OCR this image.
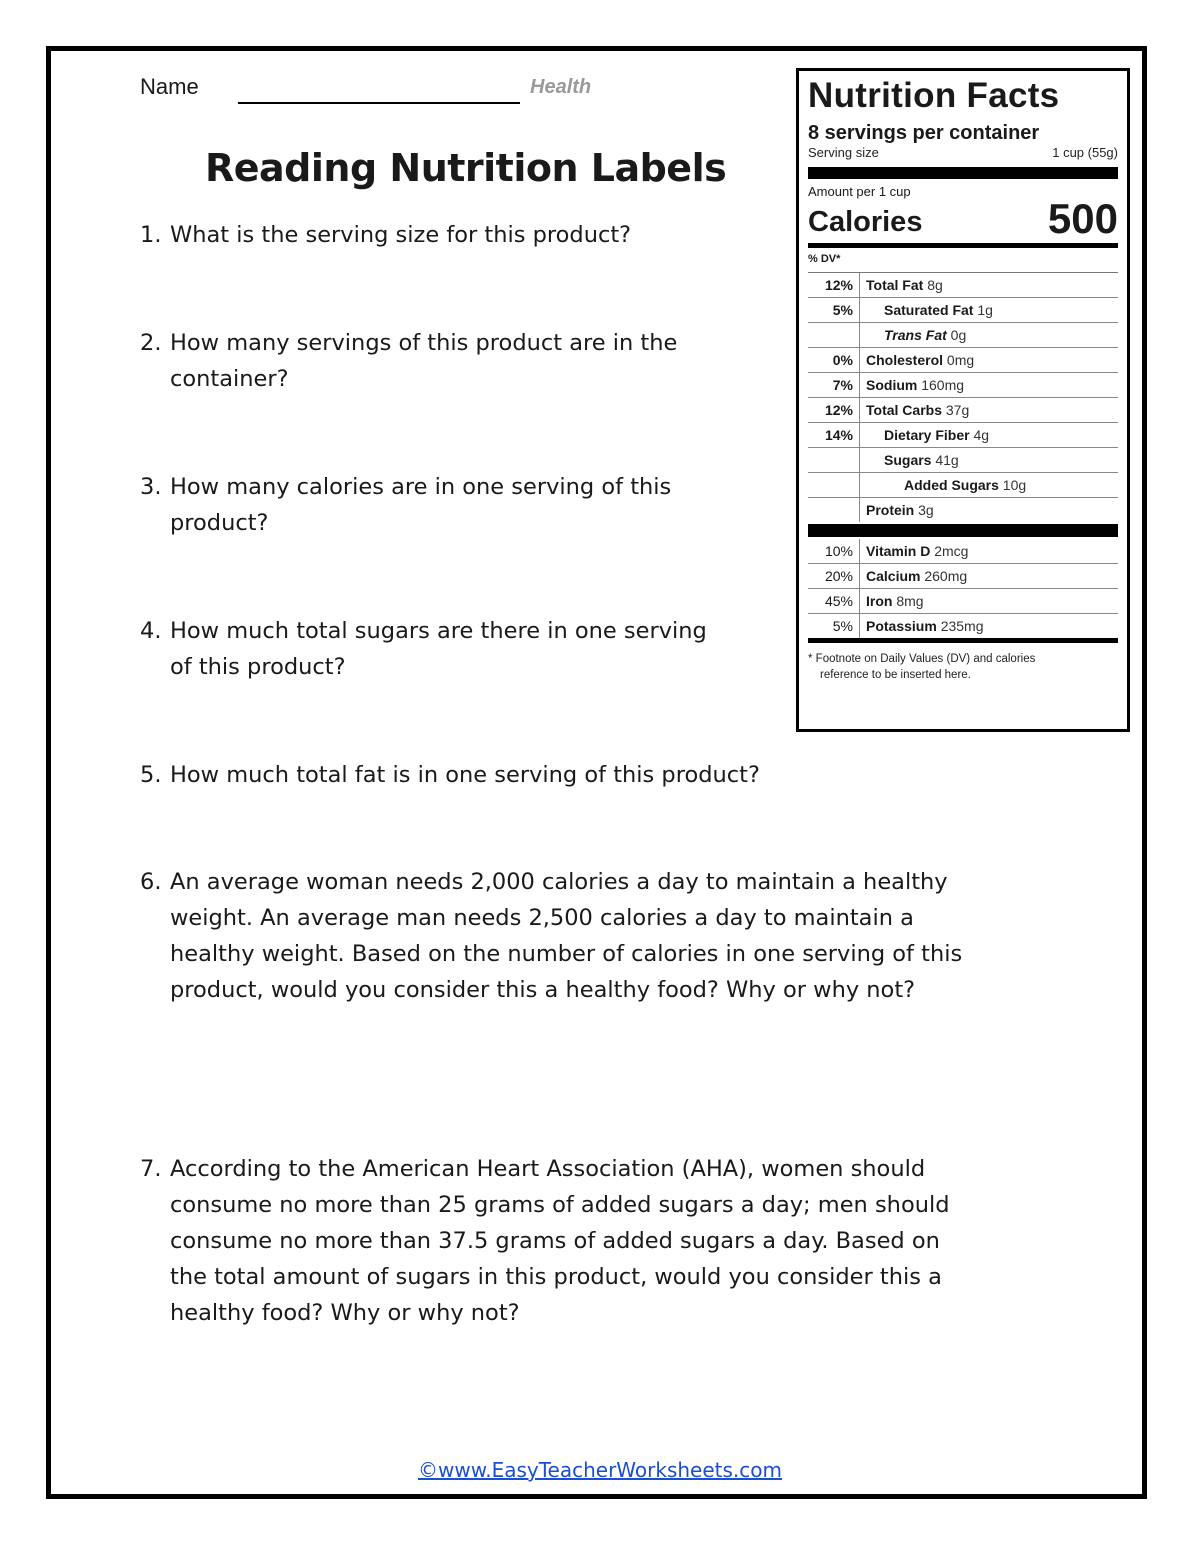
Name	Health
Reading Nutrition Labels
1. What is the serving size for this product?
2. How many servings of this product are in the
container?
3. How many calories are in one serving of this
product?
4. How much total sugars are there in one serving
of this product?
5. How much total fat is in one serving of this product?
6. An average woman needs 2,000 calories a day to maintain a healthy
weight. An average man needs 2,500 calories a day to maintain a
healthy weight. Based on the number of calories in one serving of this
product, would you consider this a healthy food? Why or why not?
7. According to the American Heart Association (AHA), women should
consume no more than 25 grams of added sugars a day; men should
consume no more than 37.5 grams of added sugars a day. Based on
the total amount of sugars in this product, would you consider this a
healthy food? Why or why not?
Nutrition Facts
8 servings per container
Serving size	1 cup (55g)
Amount per 1 cup
Calories	500
% DV*
12% Total Fat 8g
5%	Saturated Fat 1g
Trans Fat 0g
0% Cholesterol 0mg
7% Sodium 160mg
12% Total Carbs 37g
14%	Dietary Fiber 4g
Sugars 41g
Added Sugars 10g
Protein 3g
10% Vitamin D 2mcg
20% Calcium 260mg
45% Iron 8mg
5% Potassium 235mg
* Footnote on Daily Values (DV) and calories
reference to be inserted here.
©www.EasyTeacherWorksheets.com
